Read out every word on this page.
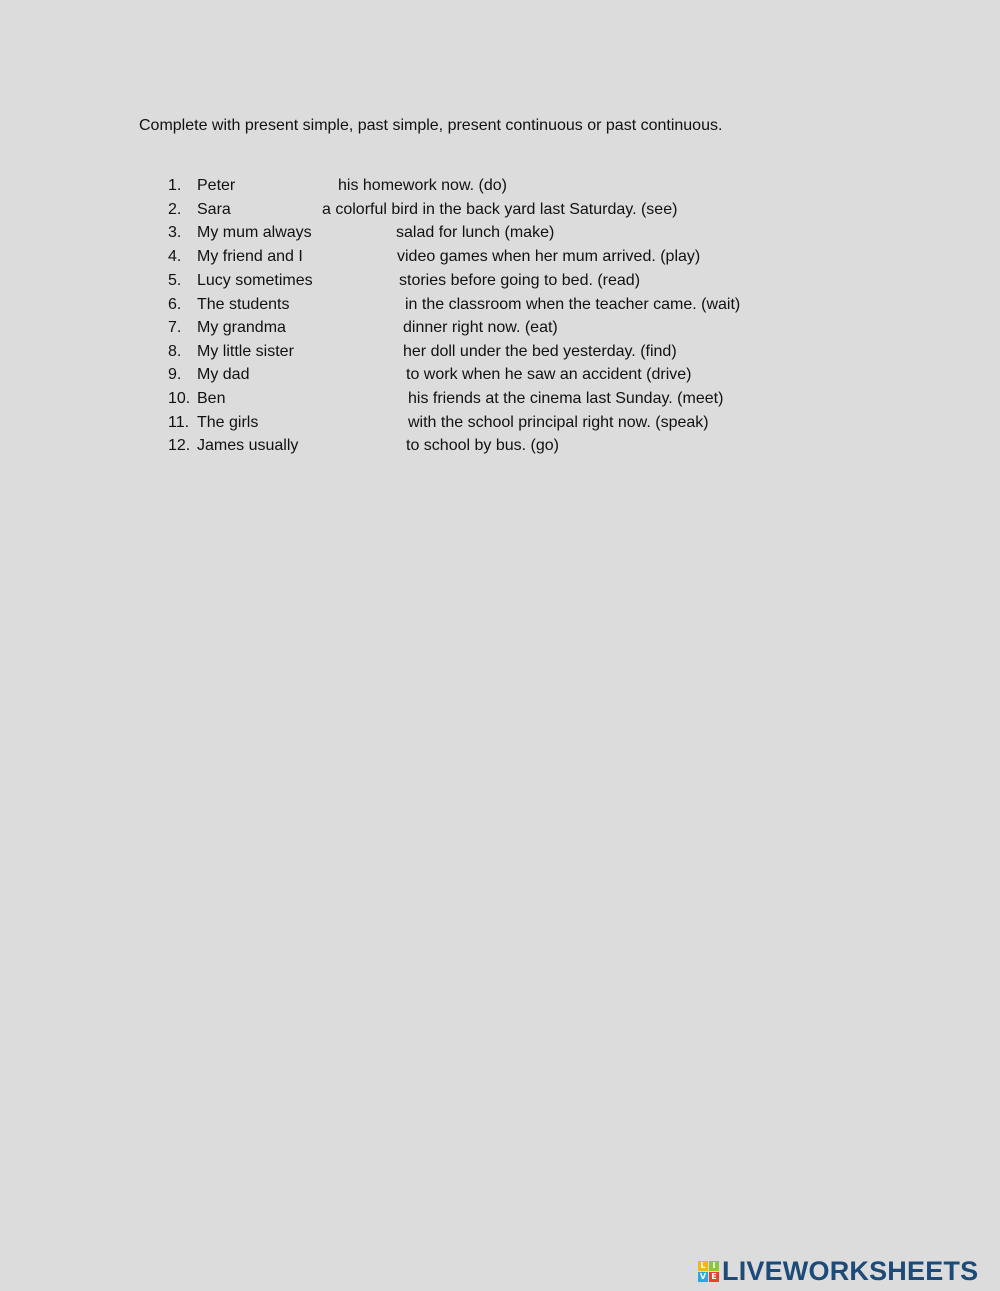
Complete with present simple, past simple, present continuous or past continuous.
1. Peter	his homework now. (do)
2. Sara	a colorful bird in the back yard last Saturday. (see)
3. My mum always	salad for lunch (make)
4. My friend and I	video games when her mum arrived. (play)
5. Lucy sometimes	stories before going to bed. (read)
6. The students	in the classroom when the teacher came. (wait)
7. My grandma	dinner right now. (eat)
8. My little sister	her doll under the bed yesterday. (find)
9. My dad	to work when he saw an accident (drive)
10. Ben	his friends at the cinema last Sunday. (meet)
11. The girls	with the school principal right now. (speak)
12. James usually	to school by bus. (go)
L I
V E LIVEWORKSHEETS
